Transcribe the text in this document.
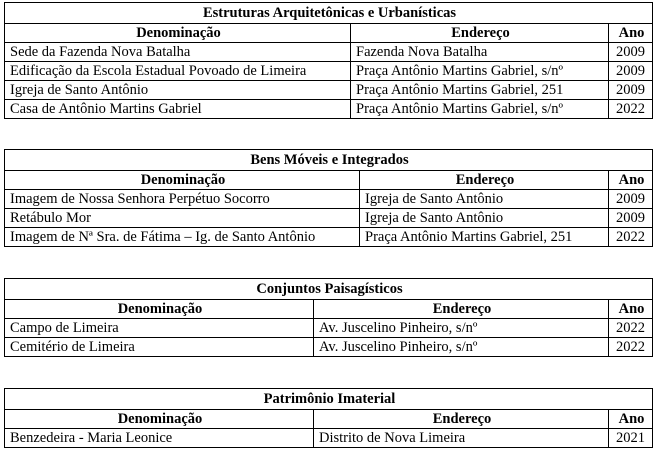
Estruturas Arquitetônicas e Urbanísticas		
Denominação	Endereço	Ano
Sede da Fazenda Nova Batalha	Fazenda Nova Batalha	2009
Edificação da Escola Estadual Povoado de Limeira	Praça Antônio Martins Gabriel, s/nº	2009
Igreja de Santo Antônio	Praça Antônio Martins Gabriel, 251	2009
Casa de Antônio Martins Gabriel	Praça Antônio Martins Gabriel, s/nº	2022
Bens Móveis e Integrados		
Denominação	Endereço	Ano
Imagem de Nossa Senhora Perpétuo Socorro	Igreja de Santo Antônio	2009
Retábulo Mor	Igreja de Santo Antônio	2009
Imagem de Nª Sra. de Fátima – Ig. de Santo Antônio	Praça Antônio Martins Gabriel, 251	2022
Conjuntos Paisagísticos		
Denominação	Endereço	Ano
Campo de Limeira	Av. Juscelino Pinheiro, s/nº	2022
Cemitério de Limeira	Av. Juscelino Pinheiro, s/nº	2022
Patrimônio Imaterial		
Denominação	Endereço	Ano
Benzedeira - Maria Leonice	Distrito de Nova Limeira	2021
